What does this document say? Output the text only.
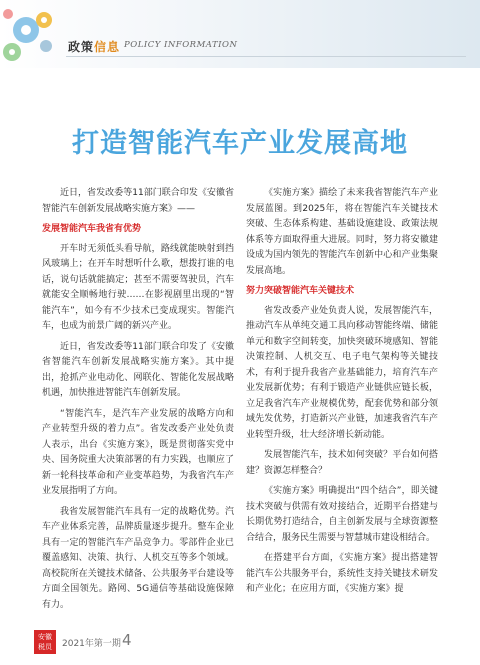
政策信息 POLICY INFORMATION
打造智能汽车产业发展高地

近日，省发改委等11部门联合印发《安徽省智能汽车创新发展战略实施方案》——

发展智能汽车我省有优势

开车时无须低头看导航，路线就能映射到挡风玻璃上；在开车时想听什么歌，想拨打谁的电话，说句话就能搞定；甚至不需要驾驶员，汽车就能安全顺畅地行驶……在影视剧里出现的“智能汽车”，如今有不少技术已变成现实。智能汽车，也成为前景广阔的新兴产业。

近日，省发改委等11部门联合印发了《安徽省智能汽车创新发展战略实施方案》。其中提出，抢抓产业电动化、网联化、智能化发展战略机遇，加快推进智能汽车创新发展。

“智能汽车，是汽车产业发展的战略方向和产业转型升级的着力点”。省发改委产业处负责人表示，出台《实施方案》，既是贯彻落实党中央、国务院重大决策部署的有力实践，也顺应了新一轮科技革命和产业变革趋势，为我省汽车产业发展指明了方向。

我省发展智能汽车具有一定的战略优势。汽车产业体系完善，品牌质量逐步提升。整车企业具有一定的智能汽车产品竞争力。零部件企业已覆盖感知、决策、执行、人机交互等多个领域。高校院所在关键技术储备、公共服务平台建设等方面全国领先。路网、5G通信等基础设施保障有力。

《实施方案》描绘了未来我省智能汽车产业发展蓝图。到2025年，将在智能汽车关键技术突破、生态体系构建、基础设施建设、政策法规体系等方面取得重大进展。同时，努力将安徽建设成为国内领先的智能汽车创新中心和产业集聚发展高地。

努力突破智能汽车关键技术

省发改委产业处负责人说，发展智能汽车，推动汽车从单纯交通工具向移动智能终端、储能单元和数字空间转变，加快突破环境感知、智能决策控制、人机交互、电子电气架构等关键技术，有利于提升我省产业基础能力，培育汽车产业发展新优势；有利于锻造产业链供应链长板，立足我省汽车产业规模优势，配套优势和部分领域先发优势，打造新兴产业链，加速我省汽车产业转型升级，壮大经济增长新动能。

发展智能汽车，技术如何突破？平台如何搭建？资源怎样整合？

《实施方案》明确提出“四个结合”，即关键技术突破与供需有效对接结合，近期平台搭建与长期优势打造结合，自主创新发展与全球资源整合结合，服务民生需要与智慧城市建设相结合。

在搭建平台方面，《实施方案》提出搭建智能汽车公共服务平台，系统性支持关键技术研发和产业化；在应用方面，《实施方案》提

安徽
税员	2021年第一期 4
